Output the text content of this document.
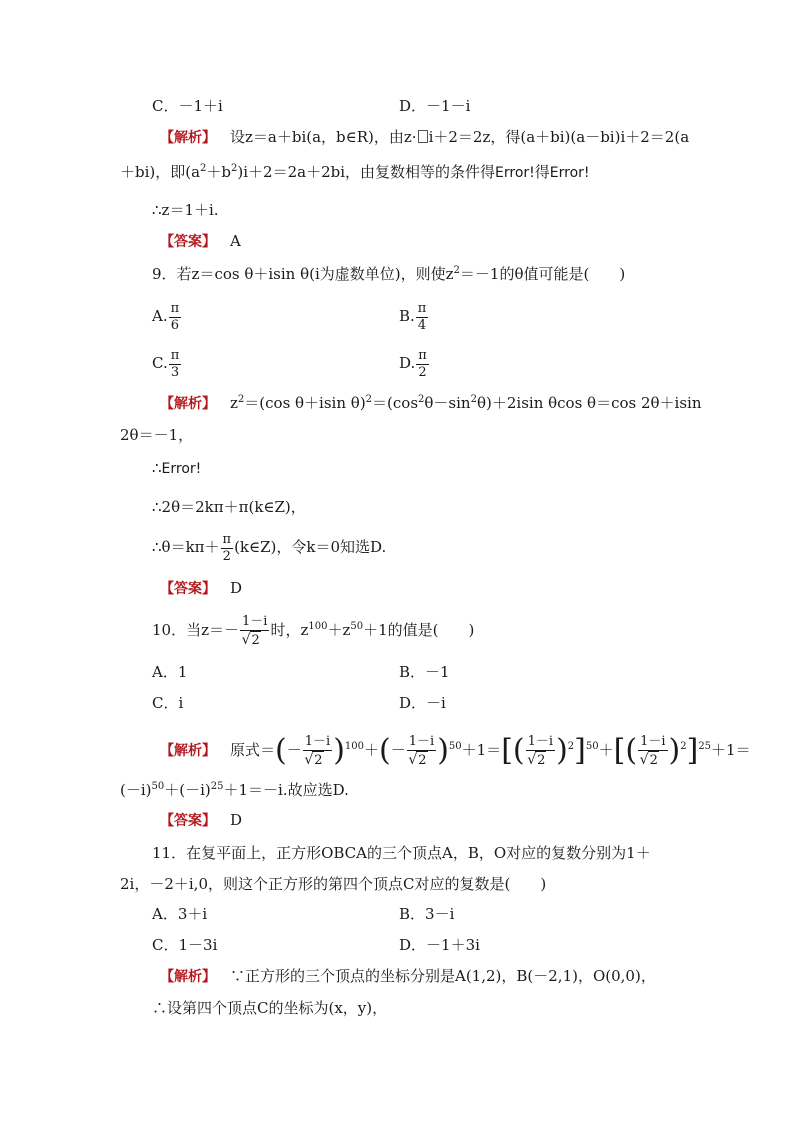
C．－1＋i	D．－1－i
【解析】 设z＝a＋bi(a，b∈R)，由z· i＋2＝2z，得(a＋bi)(a－bi)i＋2＝2(a
＋bi)，即$(a^2+b^2)i+2=2a+2bi$，由复数相等的条件得Error!得Error!
∴z＝1＋i.
【答案】 A
9．若z＝cos θ＋isin θ(i为虚数单位)，则使$z^2=-1$的θ值可能是(　　)
A. $\frac{\pi}{6}$	B. $\frac{\pi}{4}$
C. $\frac{\pi}{3}$	D. $\frac{\pi}{2}$
【解析】 $z^2=(\cos$ θ＋isin $\theta)^2=(\cos^2\theta-\sin^2\theta)+2isin$ θcos θ＝cos 2θ＋isin
2θ＝－1，
∴Error!
∴2θ＝2kπ＋π(k∈Z)，
∴θ＝kπ＋ $\frac{\pi}{2}$ (k∈Z)，令k＝0知选D.
【答案】 D
10．当z＝－ 1－i
√ 2 时，$z^{100}+z^{50}+1$的值是(　　)
A．1	B．－1
C．i	D．－i
【解析】 原式＝(－ 1－i
√ 2 )$^{100}$＋(－ 1－i
√ 2 )$^{50}$＋1＝[( 1－i
√ 2 )$^2$]$^{50}$＋[( 1－i
√ 2 )$^2$]$^{25}$＋1＝
$(-i)^{50}+(-i)^{25}+1=-i$.故应选D.
【答案】 D
11．在复平面上，正方形OBCA的三个顶点A，B，O对应的复数分别为1＋
2i，－2＋i,0，则这个正方形的第四个顶点C对应的复数是(　　)
A．3＋i	B．3－i
C．1－3i	D．－1＋3i
【解析】 ∵正方形的三个顶点的坐标分别是A(1,2)，B(－2,1)，O(0,0)，
∴设第四个顶点C的坐标为(x，y)，
